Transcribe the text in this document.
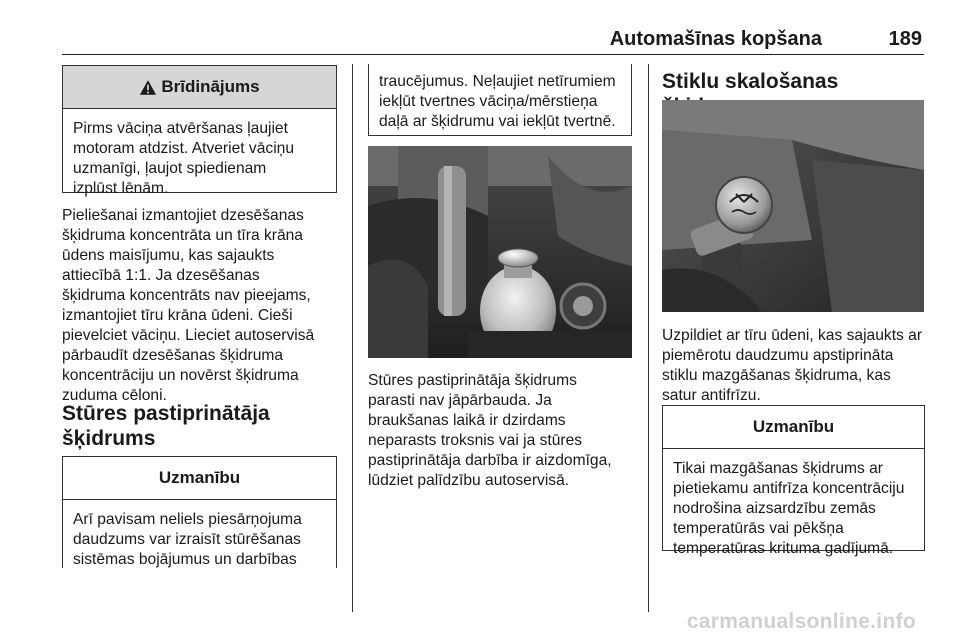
Automašīnas kopšana	189
Brīdinājums
Pirms vāciņa atvēršanas ļaujiet
motoram atdzist. Atveriet vāciņu
uzmanīgi, ļaujot spiedienam
izplūst lēnām.
Pieliešanai izmantojiet dzesēšanas
šķidruma koncentrāta un tīra krāna
ūdens maisījumu, kas sajaukts
attiecībā 1:1. Ja dzesēšanas
šķidruma koncentrāts nav pieejams,
izmantojiet tīru krāna ūdeni. Cieši
pievelciet vāciņu. Lieciet autoservisā
pārbaudīt dzesēšanas šķidruma
koncentrāciju un novērst šķidruma
zuduma cēloni.
Stūres pastiprinātāja
šķidrums
Uzmanību
Arī pavisam neliels piesārņojuma
daudzums var izraisīt stūrēšanas
sistēmas bojājumus un darbības
traucējumus. Neļaujiet netīrumiem
iekļūt tvertnes vāciņa/mērstieņa
daļā ar šķidrumu vai iekļūt tvertnē.
Stūres pastiprinātāja šķidrums
parasti nav jāpārbauda. Ja
braukšanas laikā ir dzirdams
neparasts troksnis vai ja stūres
pastiprinātāja darbība ir aizdomīga,
lūdziet palīdzību autoservisā.
Stiklu skalošanas
Uzpildiet ar tīru ūdeni, kas sajaukts ar
piemērotu daudzumu apstiprināta
stiklu mazgāšanas šķidruma, kas
satur antifrīzu.
Uzmanību
Tikai mazgāšanas šķidrums ar
pietiekamu antifrīza koncentrāciju
nodrošina aizsardzību zemās
temperatūrās vai pēkšņa
temperatūras krituma gadījumā.
carmanualsonline.info
